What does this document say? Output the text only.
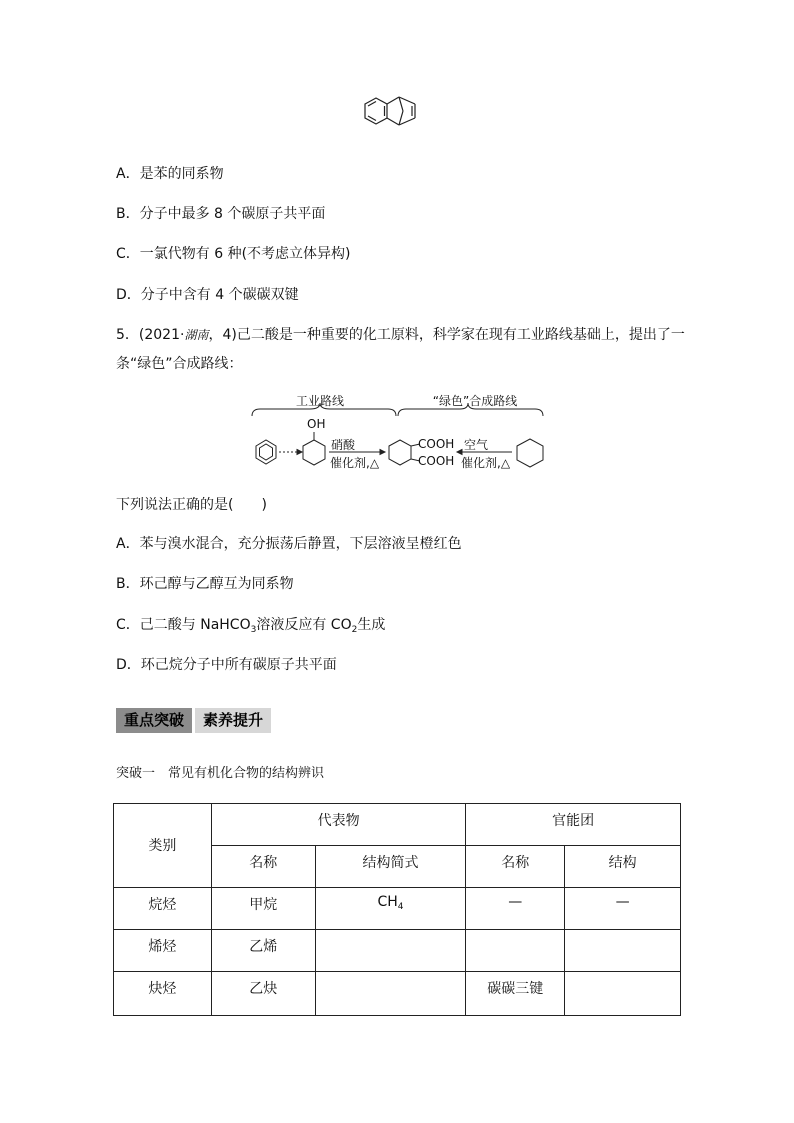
A．是苯的同系物
B．分子中最多 8 个碳原子共平面
C．一氯代物有 6 种(不考虑立体异构)
D．分子中含有 4 个碳碳双键
5．(2021·湖南，4)己二酸是一种重要的化工原料，科学家在现有工业路线基础上，提出了一
条“绿色”合成路线：
工业路线	“绿色”合成路线
OH
硝酸
催化剂,△
COOH
COOH
空气
催化剂,△
下列说法正确的是(　　)
A．苯与溴水混合，充分振荡后静置，下层溶液呈橙红色
B．环己醇与乙醇互为同系物
C．己二酸与 NaHCO$_3$溶液反应有 $CO_2$生成
D．环己烷分子中所有碳原子共平面
重点突破	素养提升
突破一　常见有机化合物的结构辨识
类别	代表物		官能团	
	名称	结构简式	名称	结构
烷烃	甲烷	$CH_4$	—	—
烯烃	乙烯			
炔烃	乙炔		碳碳三键	
